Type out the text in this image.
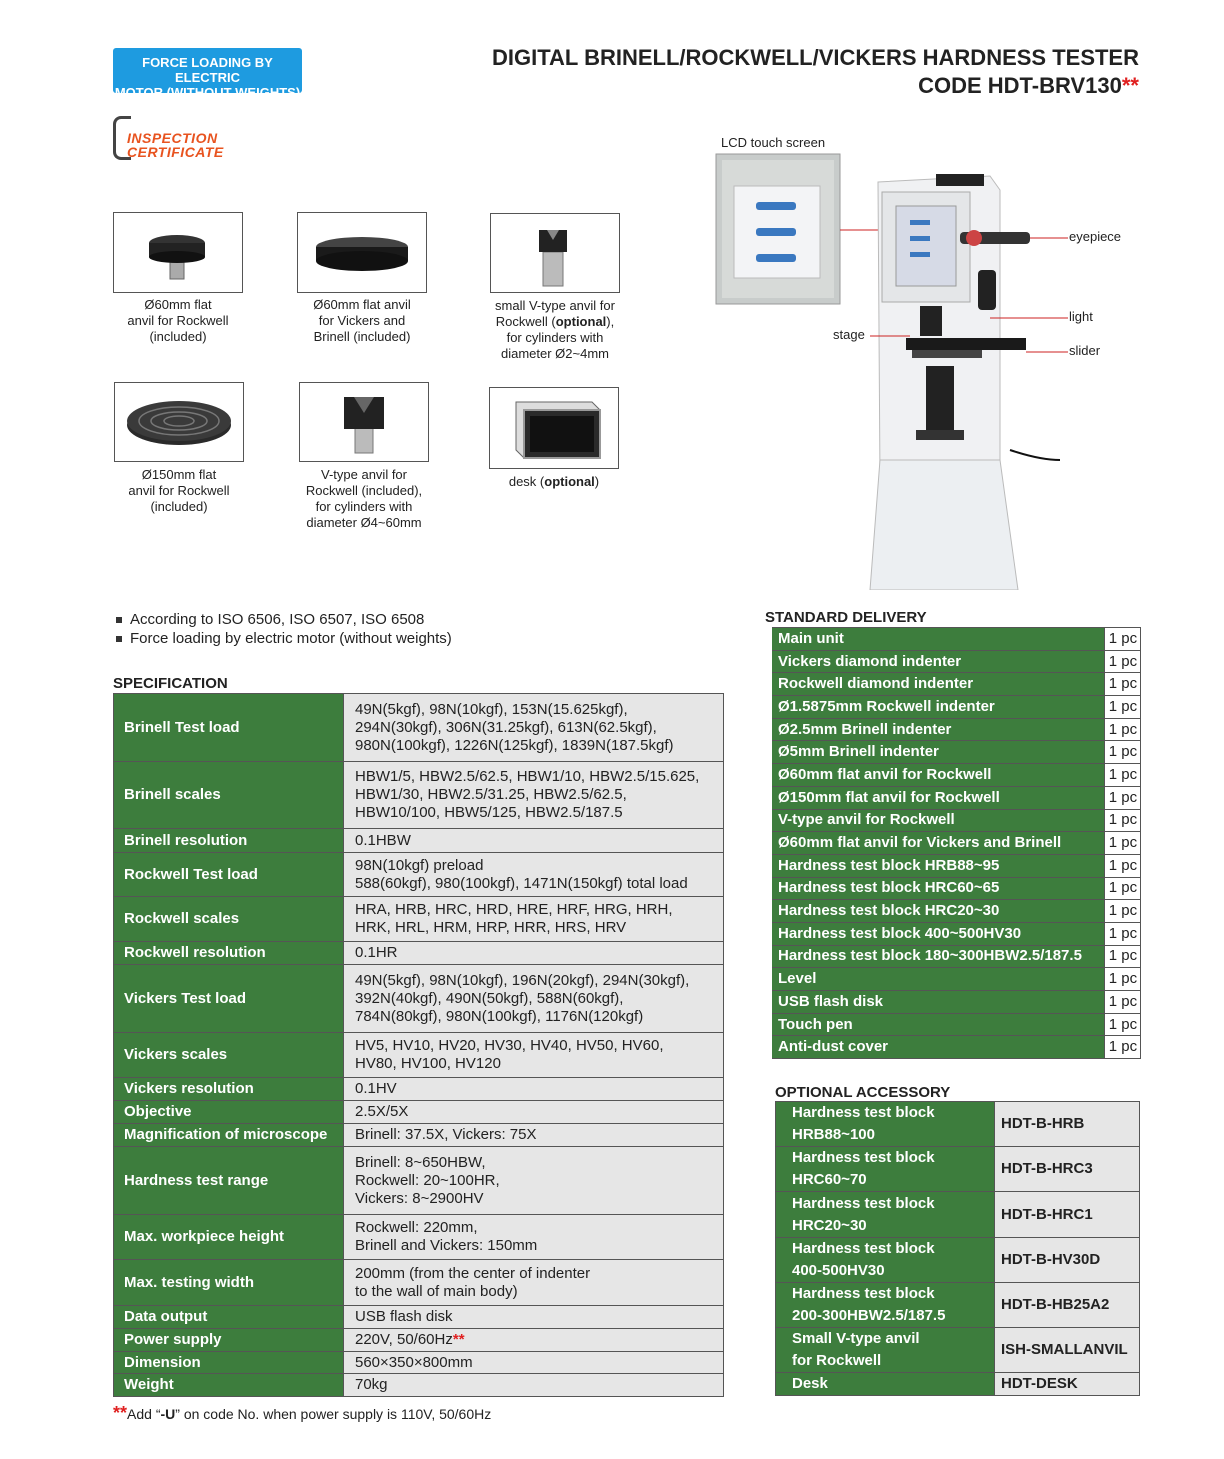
FORCE LOADING BY ELECTRIC
MOTOR (WITHOUT WEIGHTS)
DIGITAL BRINELL/ROCKWELL/VICKERS HARDNESS TESTER
CODE HDT-BRV130**
INSPECTION
CERTIFICATE
Ø60mm flat
anvil for Rockwell
(included)
Ø60mm flat anvil
for Vickers and
Brinell (included)
small V-type anvil for
Rockwell (optional),
for cylinders with
diameter Ø2~4mm
Ø150mm flat
anvil for Rockwell
(included)
V-type anvil for
Rockwell (included),
for cylinders with
diameter Ø4~60mm
desk (optional)
LCD touch screen
eyepiece
light
stage
slider
According to ISO 6506, ISO 6507, ISO 6508
Force loading by electric motor (without weights)
SPECIFICATION
Brinell Test load	49N(5kgf), 98N(10kgf), 153N(15.625kgf),
294N(30kgf), 306N(31.25kgf), 613N(62.5kgf),
980N(100kgf), 1226N(125kgf), 1839N(187.5kgf)

Brinell scales	HBW1/5, HBW2.5/62.5, HBW1/10, HBW2.5/15.625,
HBW1/30, HBW2.5/31.25, HBW2.5/62.5,
HBW10/100, HBW5/125, HBW2.5/187.5

Brinell resolution	0.1HBW

Rockwell Test load	98N(10kgf) preload
588(60kgf), 980(100kgf), 1471N(150kgf) total load

Rockwell scales	HRA, HRB, HRC, HRD, HRE, HRF, HRG, HRH,
HRK, HRL, HRM, HRP, HRR, HRS, HRV

Rockwell resolution	0.1HR

Vickers Test load	49N(5kgf), 98N(10kgf), 196N(20kgf), 294N(30kgf),
392N(40kgf), 490N(50kgf), 588N(60kgf),
784N(80kgf), 980N(100kgf), 1176N(120kgf)

Vickers scales	HV5, HV10, HV20, HV30, HV40, HV50, HV60,
HV80, HV100, HV120

Vickers resolution	0.1HV

Objective	2.5X/5X

Magnification of microscope	Brinell: 37.5X, Vickers: 75X

Hardness test range	Brinell: 8~650HBW,
Rockwell: 20~100HR,
Vickers: 8~2900HV

Max. workpiece height	Rockwell: 220mm,
Brinell and Vickers: 150mm

Max. testing width	200mm (from the center of indenter
to the wall of main body)

Data output	USB flash disk

Power supply	220V, 50/60Hz**
Dimension	560×350×800mm

Weight	70kg
STANDARD DELIVERY
Main unit	1 pc
Vickers diamond indenter	1 pc
Rockwell diamond indenter	1 pc
Ø1.5875mm Rockwell indenter	1 pc
Ø2.5mm Brinell indenter	1 pc
Ø5mm Brinell indenter	1 pc
Ø60mm flat anvil for Rockwell	1 pc
Ø150mm flat anvil for Rockwell	1 pc
V-type anvil for Rockwell	1 pc
Ø60mm flat anvil for Vickers and Brinell	1 pc
Hardness test block HRB88~95	1 pc
Hardness test block HRC60~65	1 pc
Hardness test block HRC20~30	1 pc
Hardness test block 400~500HV30	1 pc
Hardness test block 180~300HBW2.5/187.5	1 pc
Level	1 pc
USB flash disk	1 pc
Touch pen	1 pc
Anti-dust cover	1 pc
OPTIONAL ACCESSORY
Hardness test block
HRB88~100	HDT-B-HRB

Hardness test block
HRC60~70	HDT-B-HRC3

Hardness test block
HRC20~30	HDT-B-HRC1

Hardness test block
400-500HV30	HDT-B-HV30D

Hardness test block
200-300HBW2.5/187.5	HDT-B-HB25A2

Small V-type anvil
for Rockwell	ISH-SMALLANVIL

Desk	HDT-DESK
**Add “-U” on code No. when power supply is 110V, 50/60Hz
